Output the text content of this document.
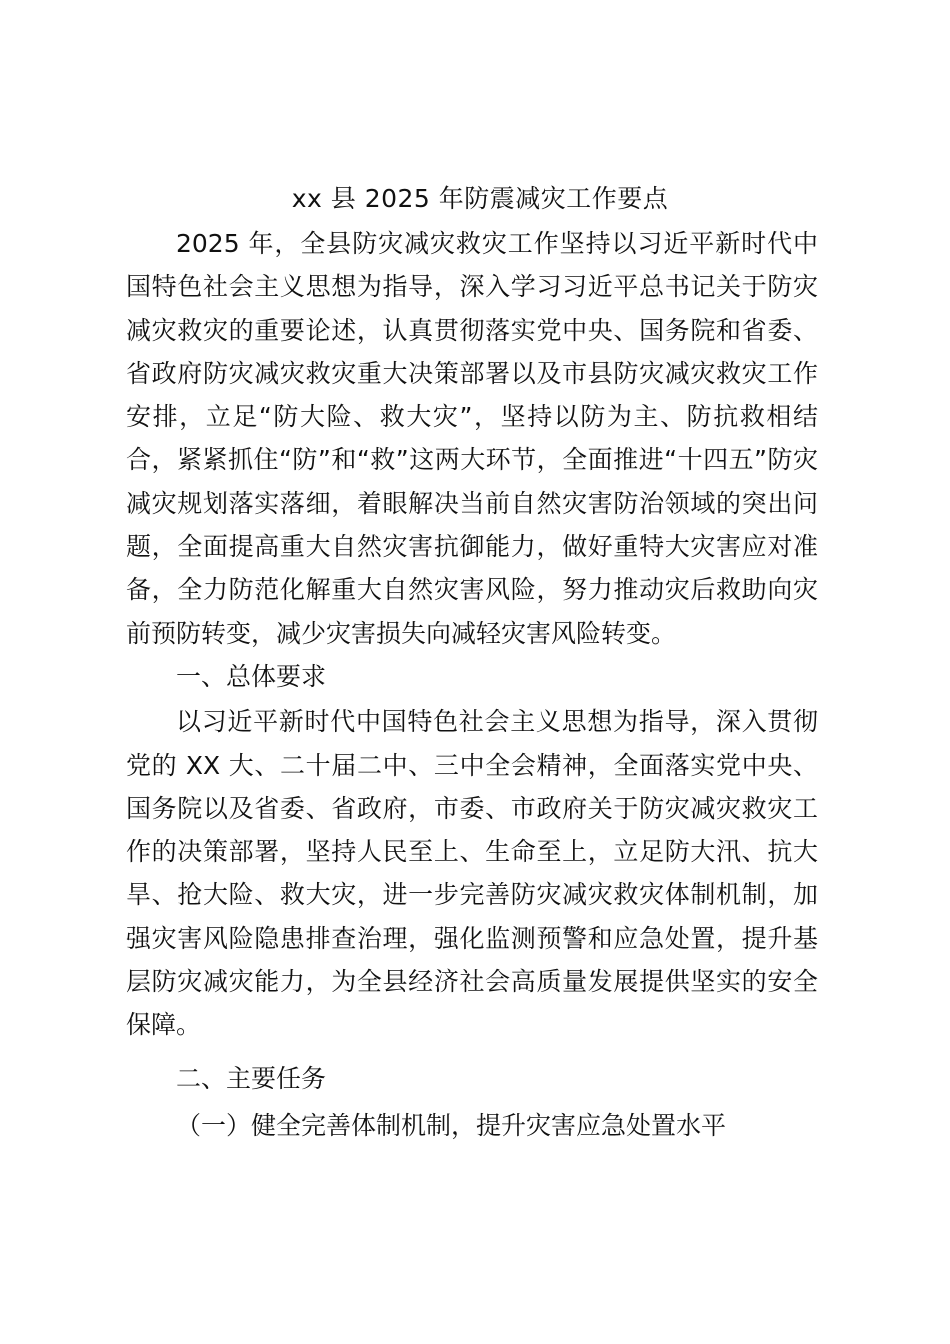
xx 县 2025 年防震减灾工作要点

2025 年，全县防灾减灾救灾工作坚持以习近平新时代中国特色社会主义思想为指导，深入学习习近平总书记关于防灾减灾救灾的重要论述，认真贯彻落实党中央、国务院和省委、省政府防灾减灾救灾重大决策部署以及市县防灾减灾救灾工作安排，立足“防大险、救大灾”，坚持以防为主、防抗救相结合，紧紧抓住“防”和“救”这两大环节，全面推进“十四五”防灾减灾规划落实落细，着眼解决当前自然灾害防治领域的突出问题，全面提高重大自然灾害抗御能力，做好重特大灾害应对准备，全力防范化解重大自然灾害风险，努力推动灾后救助向灾前预防转变，减少灾害损失向减轻灾害风险转变。

一、总体要求

以习近平新时代中国特色社会主义思想为指导，深入贯彻党的 XX 大、二十届二中、三中全会精神，全面落实党中央、国务院以及省委、省政府，市委、市政府关于防灾减灾救灾工作的决策部署，坚持人民至上、生命至上，立足防大汛、抗大旱、抢大险、救大灾，进一步完善防灾减灾救灾体制机制，加强灾害风险隐患排查治理，强化监测预警和应急处置，提升基层防灾减灾能力，为全县经济社会高质量发展提供坚实的安全保障。

二、主要任务

（一）健全完善体制机制，提升灾害应急处置水平
